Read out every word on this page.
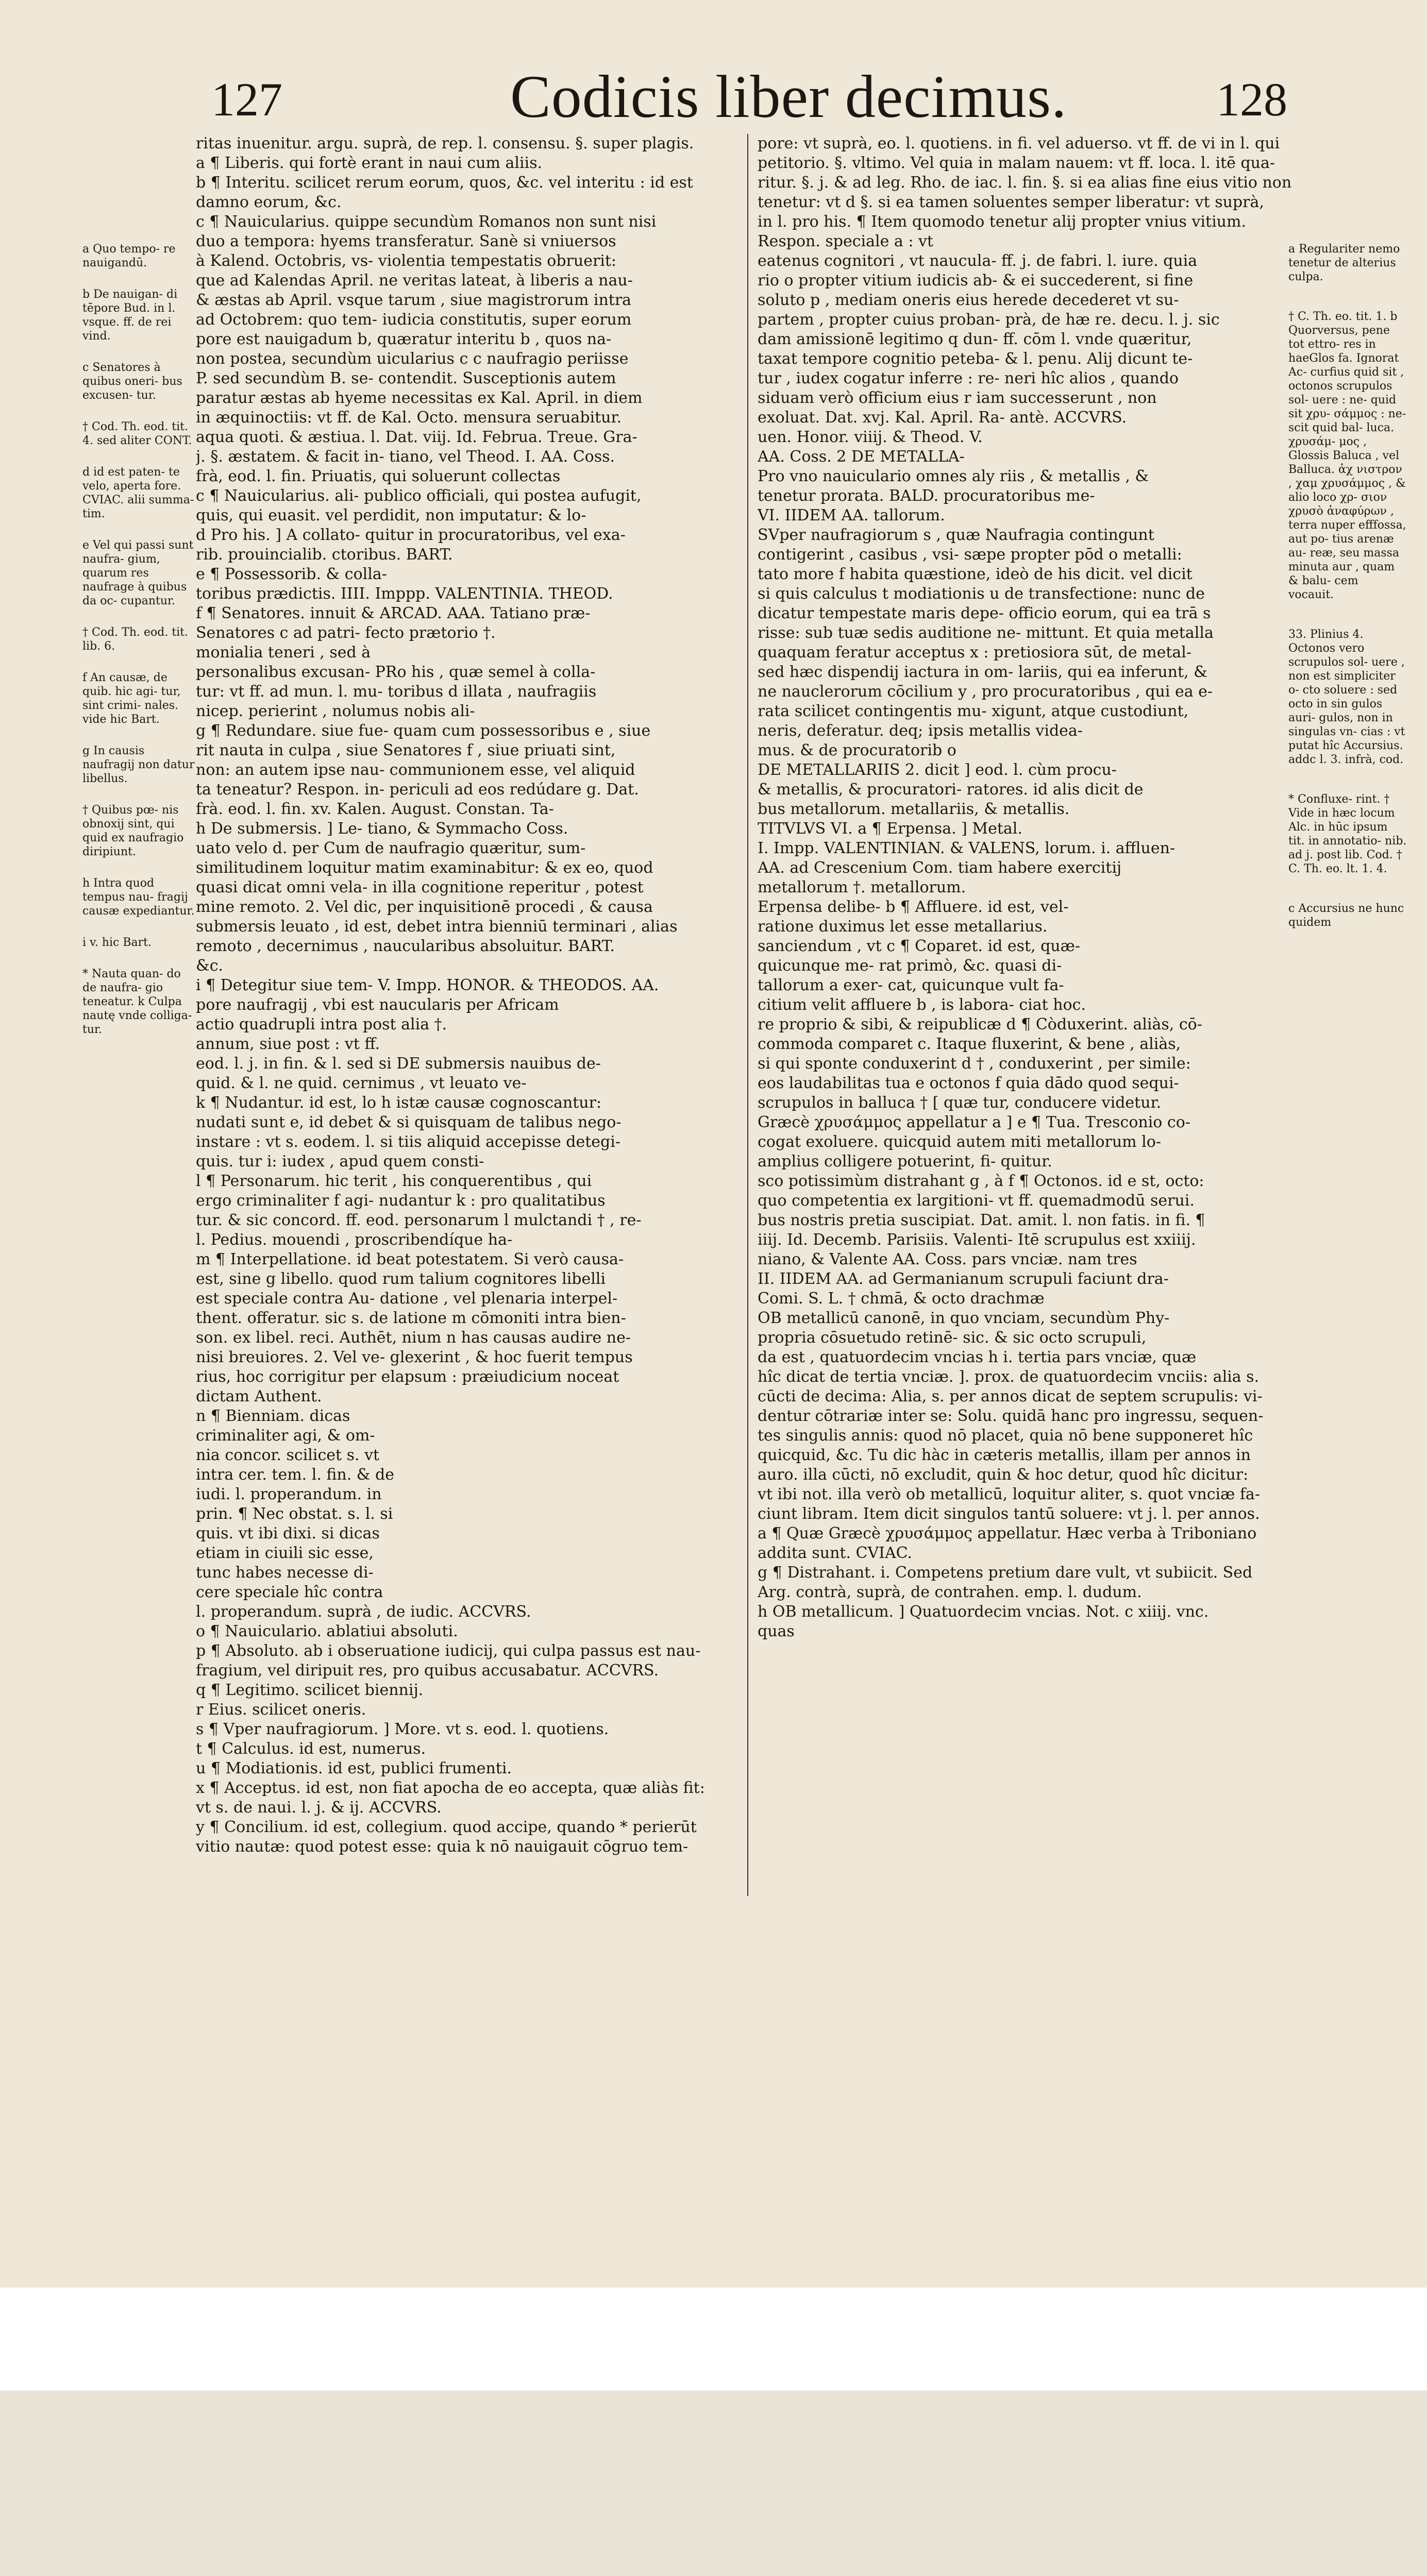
127	Codicis liber decimus.	128
a Quo tempo- re nauigandū.
b De nauigan- di tēpore Bud. in l. vsque. ff. de rei vind.
c Senatores à quibus oneri- bus excusen- tur.
† Cod. Th. eod. tit. 4. sed aliter CONT.
d id est paten- te velo, aperta fore. CVIAC. alii summa- tim.
e Vel qui passi sunt naufra- gium, quarum res naufrage à quibus da oc- cupantur.
† Cod. Th. eod. tit. lib. 6.
f An causæ, de quib. hic agi- tur, sint crimi- nales. vide hic Bart.
g In causis naufragij non datur libellus.
† Quibus pœ- nis obnoxij sint, qui quid ex naufragio diripiunt.
h Intra quod tempus nau- fragij causæ expediantur.
i v. hic Bart.
* Nauta quan- do de naufra- gio teneatur. k Culpa nautę vnde colliga- tur.
ritas inuenitur. argu. suprà, de rep. l. consensu. §. super plagis.
a ¶ Liberis. qui fortè erant in naui cum aliis.
b ¶ Interitu. scilicet rerum eorum, quos, &c. vel interitu : id est
damno eorum, &c.
c ¶ Nauicularius. quippe secundùm Romanos non sunt nisi
duo a tempora: hyems transferatur. Sanè si vniuersos
à Kalend. Octobris, vs- violentia tempestatis obruerit:
que ad Kalendas April. ne veritas lateat, à liberis a nau-
& æstas ab April. vsque tarum , siue magistrorum intra
ad Octobrem: quo tem- iudicia constitutis, super eorum
pore est nauigadum b, quæratur interitu b , quos na-
non postea, secundùm uicularius c c naufragio periisse
P. sed secundùm B. se- contendit. Susceptionis autem
paratur æstas ab hyeme necessitas ex Kal. April. in diem
in æquinoctiis: vt ff. de Kal. Octo. mensura seruabitur.
aqua quoti. & æstiua. l. Dat. viij. Id. Februa. Treue. Gra-
j. §. æstatem. & facit in- tiano, vel Theod. I. AA. Coss.
frà, eod. l. fin. Priuatis, qui soluerunt collectas
c ¶ Nauicularius. ali- publico officiali, qui postea aufugit,
quis, qui euasit. vel perdidit, non imputatur: & lo-
d Pro his. ] A collato- quitur in procuratoribus, vel exa-
rib. prouincialib. ctoribus. BART.
e ¶ Possessorib. & colla-
toribus prædictis. IIII. Imppp. VALENTINIA. THEOD.
f ¶ Senatores. innuit & ARCAD. AAA. Tatiano præ-
Senatores c ad patri- fecto prætorio †.
monialia teneri , sed à
personalibus excusan- PRo his , quæ semel à colla-
tur: vt ff. ad mun. l. mu- toribus d illata , naufragiis
nicep. perierint , nolumus nobis ali-
g ¶ Redundare. siue fue- quam cum possessoribus e , siue
rit nauta in culpa , siue Senatores f , siue priuati sint,
non: an autem ipse nau- communionem esse, vel aliquid
ta teneatur? Respon. in- periculi ad eos redúdare g. Dat.
frà. eod. l. fin. xv. Kalen. August. Constan. Ta-
h De submersis. ] Le- tiano, & Symmacho Coss.
uato velo d. per Cum de naufragio quæritur, sum-
similitudinem loquitur matim examinabitur: & ex eo, quod
quasi dicat omni vela- in illa cognitione reperitur , potest
mine remoto. 2. Vel dic, per inquisitionē procedi , & causa
submersis leuato , id est, debet intra bienniū terminari , alias
remoto , decernimus , naucularibus absoluitur. BART.
&c.
i ¶ Detegitur siue tem- V. Impp. HONOR. & THEODOS. AA.
pore naufragij , vbi est naucularis per Africam
actio quadrupli intra post alia †.
annum, siue post : vt ff.
eod. l. j. in fin. & l. sed si DE submersis nauibus de-
quid. & l. ne quid. cernimus , vt leuato ve-
k ¶ Nudantur. id est, lo h istæ causæ cognoscantur:
nudati sunt e, id debet & si quisquam de talibus nego-
instare : vt s. eodem. l. si tiis aliquid accepisse detegi-
quis. tur i: iudex , apud quem consti-
l ¶ Personarum. hic terit , his conquerentibus , qui
ergo criminaliter f agi- nudantur k : pro qualitatibus
tur. & sic concord. ff. eod. personarum l mulctandi † , re-
l. Pedius. mouendi , proscribendíque ha-
m ¶ Interpellatione. id beat potestatem. Si verò causa-
est, sine g libello. quod rum talium cognitores libelli
est speciale contra Au- datione , vel plenaria interpel-
thent. offeratur. sic s. de latione m cōmoniti intra bien-
son. ex libel. reci. Authēt, nium n has causas audire ne-
nisi breuiores. 2. Vel ve- glexerint , & hoc fuerit tempus
rius, hoc corrigitur per elapsum : præiudicium noceat
dictam Authent.
n ¶ Bienniam. dicas
criminaliter agi, & om-
nia concor. scilicet s. vt
intra cer. tem. l. fin. & de
iudi. l. properandum. in
prin. ¶ Nec obstat. s. l. si
quis. vt ibi dixi. si dicas
etiam in ciuili sic esse,
tunc habes necesse di-
cere speciale hîc contra
l. properandum. suprà , de iudic. ACCVRS.
o ¶ Nauiculario. ablatiui absoluti.
p ¶ Absoluto. ab i obseruatione iudicij, qui culpa passus est nau-
fragium, vel diripuit res, pro quibus accusabatur. ACCVRS.
q ¶ Legitimo. scilicet biennij.
r Eius. scilicet oneris.
s ¶ Vper naufragiorum. ] More. vt s. eod. l. quotiens.
t ¶ Calculus. id est, numerus.
u ¶ Modiationis. id est, publici frumenti.
x ¶ Acceptus. id est, non fiat apocha de eo accepta, quæ aliàs fit:
vt s. de naui. l. j. & ij. ACCVRS.
y ¶ Concilium. id est, collegium. quod accipe, quando * perierūt
vitio nautæ: quod potest esse: quia k nō nauigauit cōgruo tem-
pore: vt suprà, eo. l. quotiens. in fi. vel aduerso. vt ff. de vi in l. qui
petitorio. §. vltimo. Vel quia in malam nauem: vt ff. loca. l. itē qua-
ritur. §. j. & ad leg. Rho. de iac. l. fin. §. si ea alias fine eius vitio non
tenetur: vt d §. si ea tamen soluentes semper liberatur: vt suprà,
in l. pro his. ¶ Item quomodo tenetur alij propter vnius vitium.
Respon. speciale a : vt
eatenus cognitori , vt naucula- ff. j. de fabri. l. iure. quia
rio o propter vitium iudicis ab- & ei succederent, si fine
soluto p , mediam oneris eius herede decederet vt su-
partem , propter cuius proban- prà, de hæ re. decu. l. j. sic
dam amissionē legitimo q dun- ff. cōm l. vnde quæritur,
taxat tempore cognitio peteba- & l. penu. Alij dicunt te-
tur , iudex cogatur inferre : re- neri hîc alios , quando
siduam verò officium eius r iam successerunt , non
exoluat. Dat. xvj. Kal. April. Ra- antè. ACCVRS.
uen. Honor. viiij. & Theod. V.
AA. Coss. 2 DE METALLA-
Pro vno nauiculario omnes aly riis , & metallis , &
tenetur prorata. BALD. procuratoribus me-
VI. IIDEM AA. tallorum.
SVper naufragiorum s , quæ Naufragia contingunt
contigerint , casibus , vsi- sæpe propter pōd o metalli:
tato more f habita quæstione, ideò de his dicit. vel dicit
si quis calculus t modiationis u de transfectione: nunc de
dicatur tempestate maris depe- officio eorum, qui ea trā s
risse: sub tuæ sedis auditione ne- mittunt. Et quia metalla
quaquam feratur acceptus x : pretiosiora sūt, de metal-
sed hæc dispendij iactura in om- lariis, qui ea inferunt, &
ne nauclerorum cōcilium y , pro procuratoribus , qui ea e-
rata scilicet contingentis mu- xigunt, atque custodiunt,
neris, deferatur. deq; ipsis metallis videa-
mus. & de procuratorib o
DE METALLARIIS 2. dicit ] eod. l. cùm procu-
& metallis, & procuratori- ratores. id alis dicit de
bus metallorum. metallariis, & metallis.
TITVLVS VI. a ¶ Erpensa. ] Metal.
I. Impp. VALENTINIAN. & VALENS, lorum. i. affluen-
AA. ad Crescenium Com. tiam habere exercitij
metallorum †. metallorum.
Erpensa delibe- b ¶ Affluere. id est, vel-
ratione duximus let esse metallarius.
sanciendum , vt c ¶ Coparet. id est, quæ-
quicunque me- rat primò, &c. quasi di-
tallorum a exer- cat, quicunque vult fa-
citium velit affluere b , is labora- ciat hoc.
re proprio & sibi, & reipublicæ d ¶ Còduxerint. aliàs, cō-
commoda comparet c. Itaque fluxerint, & bene , aliàs,
si qui sponte conduxerint d † , conduxerint , per simile:
eos laudabilitas tua e octonos f quia dādo quod sequi-
scrupulos in balluca † [ quæ tur, conducere videtur.
Græcè χρυσάμμος appellatur a ] e ¶ Tua. Tresconio co-
cogat exoluere. quicquid autem miti metallorum lo-
amplius colligere potuerint, fi- quitur.
sco potissimùm distrahant g , à f ¶ Octonos. id e st, octo:
quo competentia ex largitioni- vt ff. quemadmodū serui.
bus nostris pretia suscipiat. Dat. amit. l. non fatis. in fi. ¶
iiij. Id. Decemb. Parisiis. Valenti- Itē scrupulus est xxiiij.
niano, & Valente AA. Coss. pars vnciæ. nam tres
II. IIDEM AA. ad Germanianum scrupuli faciunt dra-
Comi. S. L. † chmā, & octo drachmæ
OB metallicū canonē, in quo vnciam, secundùm Phy-
propria cōsuetudo retinē- sic. & sic octo scrupuli,
da est , quatuordecim vncias h i. tertia pars vnciæ, quæ
hîc dicat de tertia vnciæ. ]. prox. de quatuordecim vnciis: alia s.
cūcti de decima: Alia, s. per annos dicat de septem scrupulis: vi-
dentur cōtrariæ inter se: Solu. quidā hanc pro ingressu, sequen-
tes singulis annis: quod nō placet, quia nō bene supponeret hîc
quicquid, &c. Tu dic hàc in cæteris metallis, illam per annos in
auro. illa cūcti, nō excludit, quin & hoc detur, quod hîc dicitur:
vt ibi not. illa verò ob metallicū, loquitur aliter, s. quot vnciæ fa-
ciunt libram. Item dicit singulos tantū soluere: vt j. l. per annos.
a ¶ Quæ Græcè χρυσάμμος appellatur. Hæc verba à Triboniano
addita sunt. CVIAC.
g ¶ Distrahant. i. Competens pretium dare vult, vt subiicit. Sed
Arg. contrà, suprà, de contrahen. emp. l. dudum.
h OB metallicum. ] Quatuordecim vncias. Not. c xiiij. vnc.
quas
a Regulariter nemo tenetur de alterius culpa.
† C. Th. eo. tit. 1. b Quorversus, pene tot ettro- res in haeGlos fa. Ignorat Ac- curfius quid sit , octonos scrupulos sol- uere : ne- quid sit χρυ- σάμμος : ne- scit quid bal- luca. χρυσάμ- μος , Glossis Baluca , vel Balluca. ἀχ νιστρον , χαμ χρυσάμμος , & alio loco χρ- σιον χρυσὸ ἀναφύρων , terra nuper efffossa, aut po- tius arenæ au- reæ, seu massa minuta aur , quam & balu- cem vocauit.
33. Plinius 4. Octonos vero scrupulos sol- uere , non est simpliciter o- cto soluere : sed octo in sin gulos auri- gulos, non in singulas vn- cias : vt putat hîc Accursius. addc l. 3. infrà, cod.
* Confluxe- rint. † Vide in hæc locum Alc. in hūc ipsum tit. in annotatio- nib. ad j. post lib. Cod. † C. Th. eo. lt. 1. 4.
c Accursius ne hunc quidem
